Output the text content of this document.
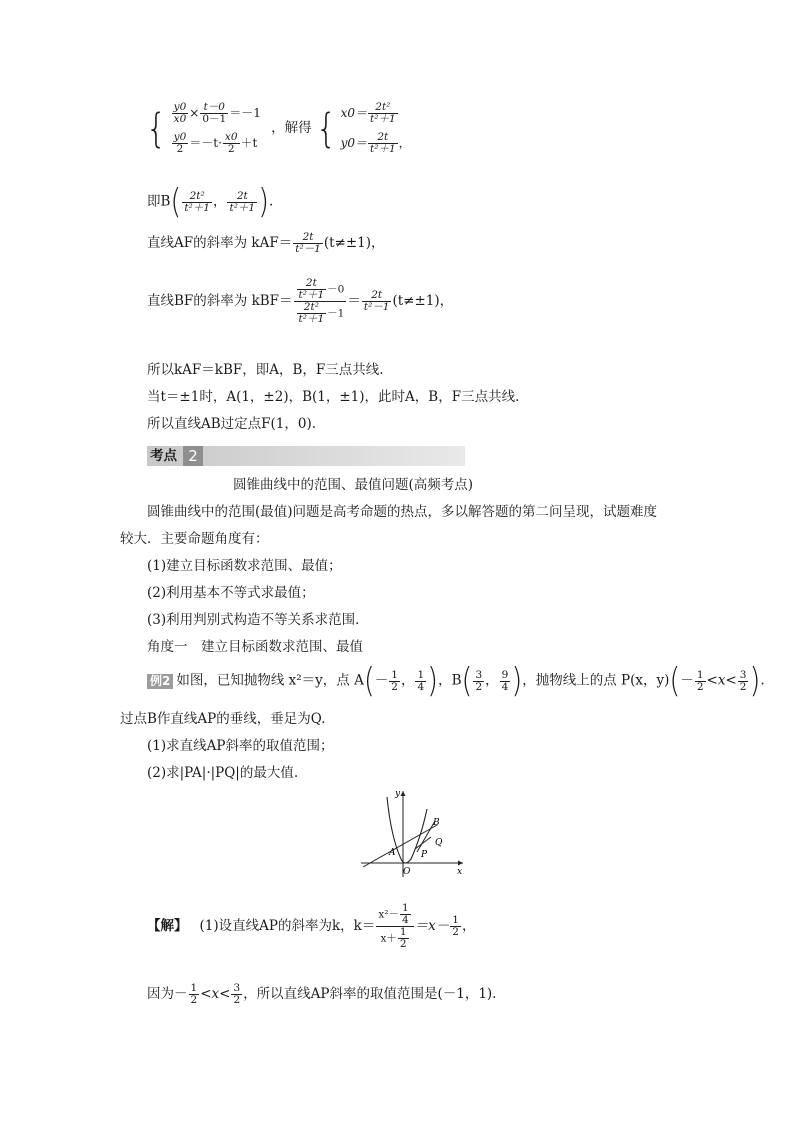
{ $\frac{y0}{x0} \times \frac{t-0}{0-1} =-1$
$\frac{y0}{2} =-t\cdot \frac{x0}{2} +t$
，解得 { $x0= \frac{\text{2t²}}{\text{t²＋1}}$
$y0= \frac{2t}{\text{t²＋1}}$ ，
即$B( \frac{\text{2t²}}{\text{t²＋1}}$ ， $\frac{2t}{\text{t²＋1}}$ ).
直线AF的斜率为 $kAF= \frac{2t}{\text{t²－1}} (t\ne\pm 1)$，
直线BF的斜率为 $kBF= \frac{\frac{2t}{\text{t²＋1}} -0}{\frac{\text{2t²}}{\text{t²＋1}} -1} = \frac{2t}{\text{t²－1}} (t\ne\pm 1)$，
所以kAF＝kBF，即A，B，F三点共线.
当t＝±1时，A(1，±2)，B(1，±1)，此时A，B，F三点共线.
所以直线AB过定点F(1，0).
考点 2
圆锥曲线中的范围、最值问题(高频考点)
圆锥曲线中的范围(最值)问题是高考命题的热点，多以解答题的第二问呈现，试题难度
较大．主要命题角度有：
(1)建立目标函数求范围、最值；
(2)利用基本不等式求最值；
(3)利用判别式构造不等关系求范围．
角度一　建立目标函数求范围、最值
例2 如图，已知抛物线 x²＝y，点 $A(- \frac{1}{2}$ ， $\frac{1}{4}$ )，$B( \frac{3}{2}$ ， $\frac{9}{4}$ )，抛物线上的点 P(x，$y)(- \frac{1}{2} <x< \frac{3}{2}$ ).
过点B作直线AP的垂线，垂足为Q.
(1)求直线AP斜率的取值范围；
(2)求|PA|·|PQ|的最大值.
y
x
O
A
B
P
Q
【解】 (1)设直线AP的斜率为k，$k= \frac{x^2- \frac{1}{4}}{x+ \frac{1}{2}} =x- \frac{1}{2}$ ，
因为－ $\frac{1}{2} <x< \frac{3}{2}$ ，所以直线AP斜率的取值范围是(－1，1).
